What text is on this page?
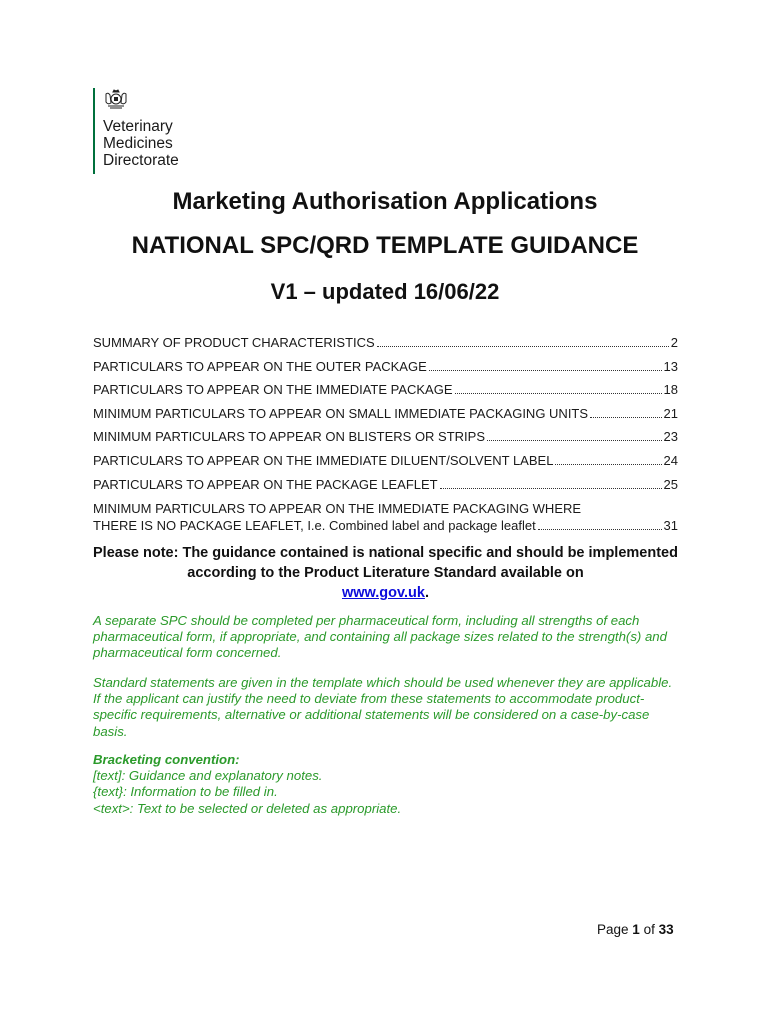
Veterinary
Medicines
Directorate
Marketing Authorisation Applications
NATIONAL SPC/QRD TEMPLATE GUIDANCE
V1 – updated 16/06/22
SUMMARY OF PRODUCT CHARACTERISTICS	2
PARTICULARS TO APPEAR ON THE OUTER PACKAGE	13
PARTICULARS TO APPEAR ON THE IMMEDIATE PACKAGE	18
MINIMUM PARTICULARS TO APPEAR ON SMALL IMMEDIATE PACKAGING UNITS	21
MINIMUM PARTICULARS TO APPEAR ON BLISTERS OR STRIPS	23
PARTICULARS TO APPEAR ON THE IMMEDIATE DILUENT/SOLVENT LABEL	24
PARTICULARS TO APPEAR ON THE PACKAGE LEAFLET	25
MINIMUM PARTICULARS TO APPEAR ON THE IMMEDIATE PACKAGING WHERE
THERE IS NO PACKAGE LEAFLET, I.e. Combined label and package leaflet	31
Please note: The guidance contained is national specific and should be implemented according to the Product Literature Standard available on
www.gov.uk.
A separate SPC should be completed per pharmaceutical form, including all strengths of each pharmaceutical form, if appropriate, and containing all package sizes related to the strength(s) and pharmaceutical form concerned.
Standard statements are given in the template which should be used whenever they are applicable. If the applicant can justify the need to deviate from these statements to accommodate product-specific requirements, alternative or additional statements will be considered on a case-by-case basis.
Bracketing convention:
[text]: Guidance and explanatory notes.
{text}: Information to be filled in.
<text>: Text to be selected or deleted as appropriate.
Page 1 of 33
